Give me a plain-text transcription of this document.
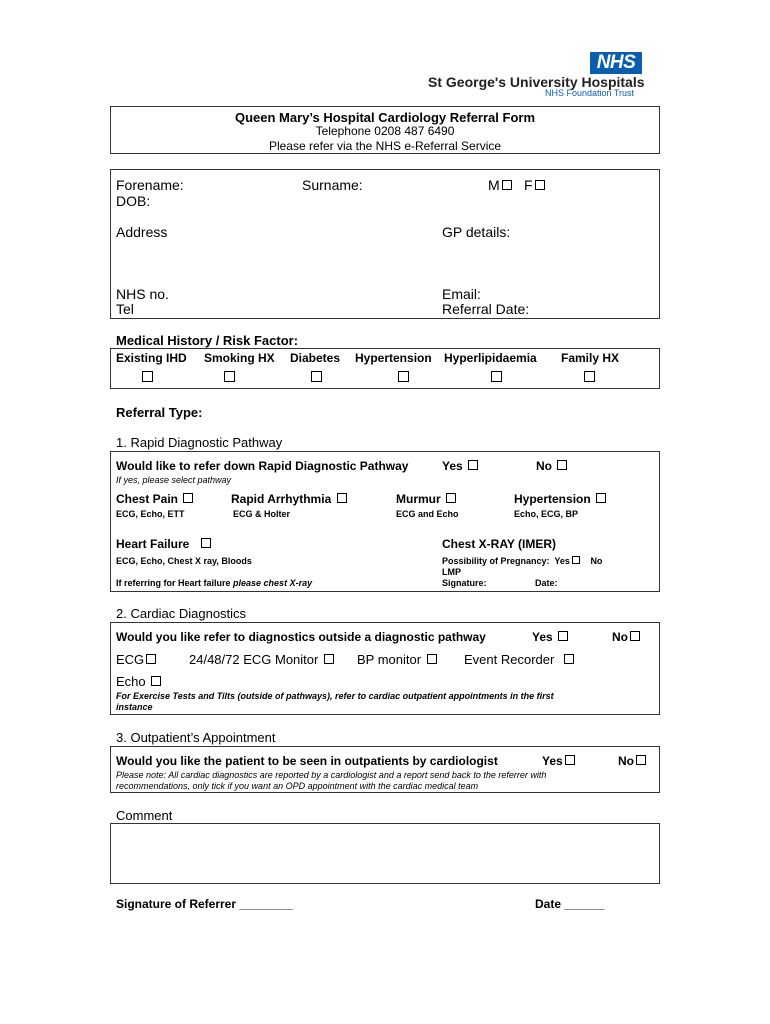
NHS
St George's University Hospitals
NHS Foundation Trust
Queen Mary’s Hospital Cardiology Referral Form
Telephone 0208 487 6490
Please refer via the NHS e-Referral Service
Forename:	Surname:	M	F
DOB:
Address	GP details:
NHS no.
Tel
Email:
Referral Date:
Medical History / Risk Factor:
Existing IHD Smoking HX Diabetes Hypertension Hyperlipidaemia Family HX
Referral Type:
1. Rapid Diagnostic Pathway
Would like to refer down Rapid Diagnostic Pathway	Yes	No
If yes, please select pathway
Chest Pain
ECG, Echo, ETT
Rapid Arrhythmia
ECG & Holter
Murmur
ECG and Echo
Hypertension
Echo, ECG, BP
Heart Failure
ECG, Echo, Chest X ray, Bloods
If referring for Heart failure please chest X-ray
Chest X-RAY (IMER)
Possibility of Pregnancy: Yes No
LMP
Signature:	Date:
2. Cardiac Diagnostics
Would you like refer to diagnostics outside a diagnostic pathway	Yes	No
ECG	24/48/72 ECG Monitor	BP monitor	Event Recorder
Echo
For Exercise Tests and Tilts (outside of pathways), refer to cardiac outpatient appointments in the first
instance
3. Outpatient’s Appointment
Would you like the patient to be seen in outpatients by cardiologist	Yes	No
Please note: All cardiac diagnostics are reported by a cardiologist and a report send back to the referrer with
recommendations, only tick if you want an OPD appointment with the cardiac medical team
Comment
Signature of Referrer ________	Date ______
